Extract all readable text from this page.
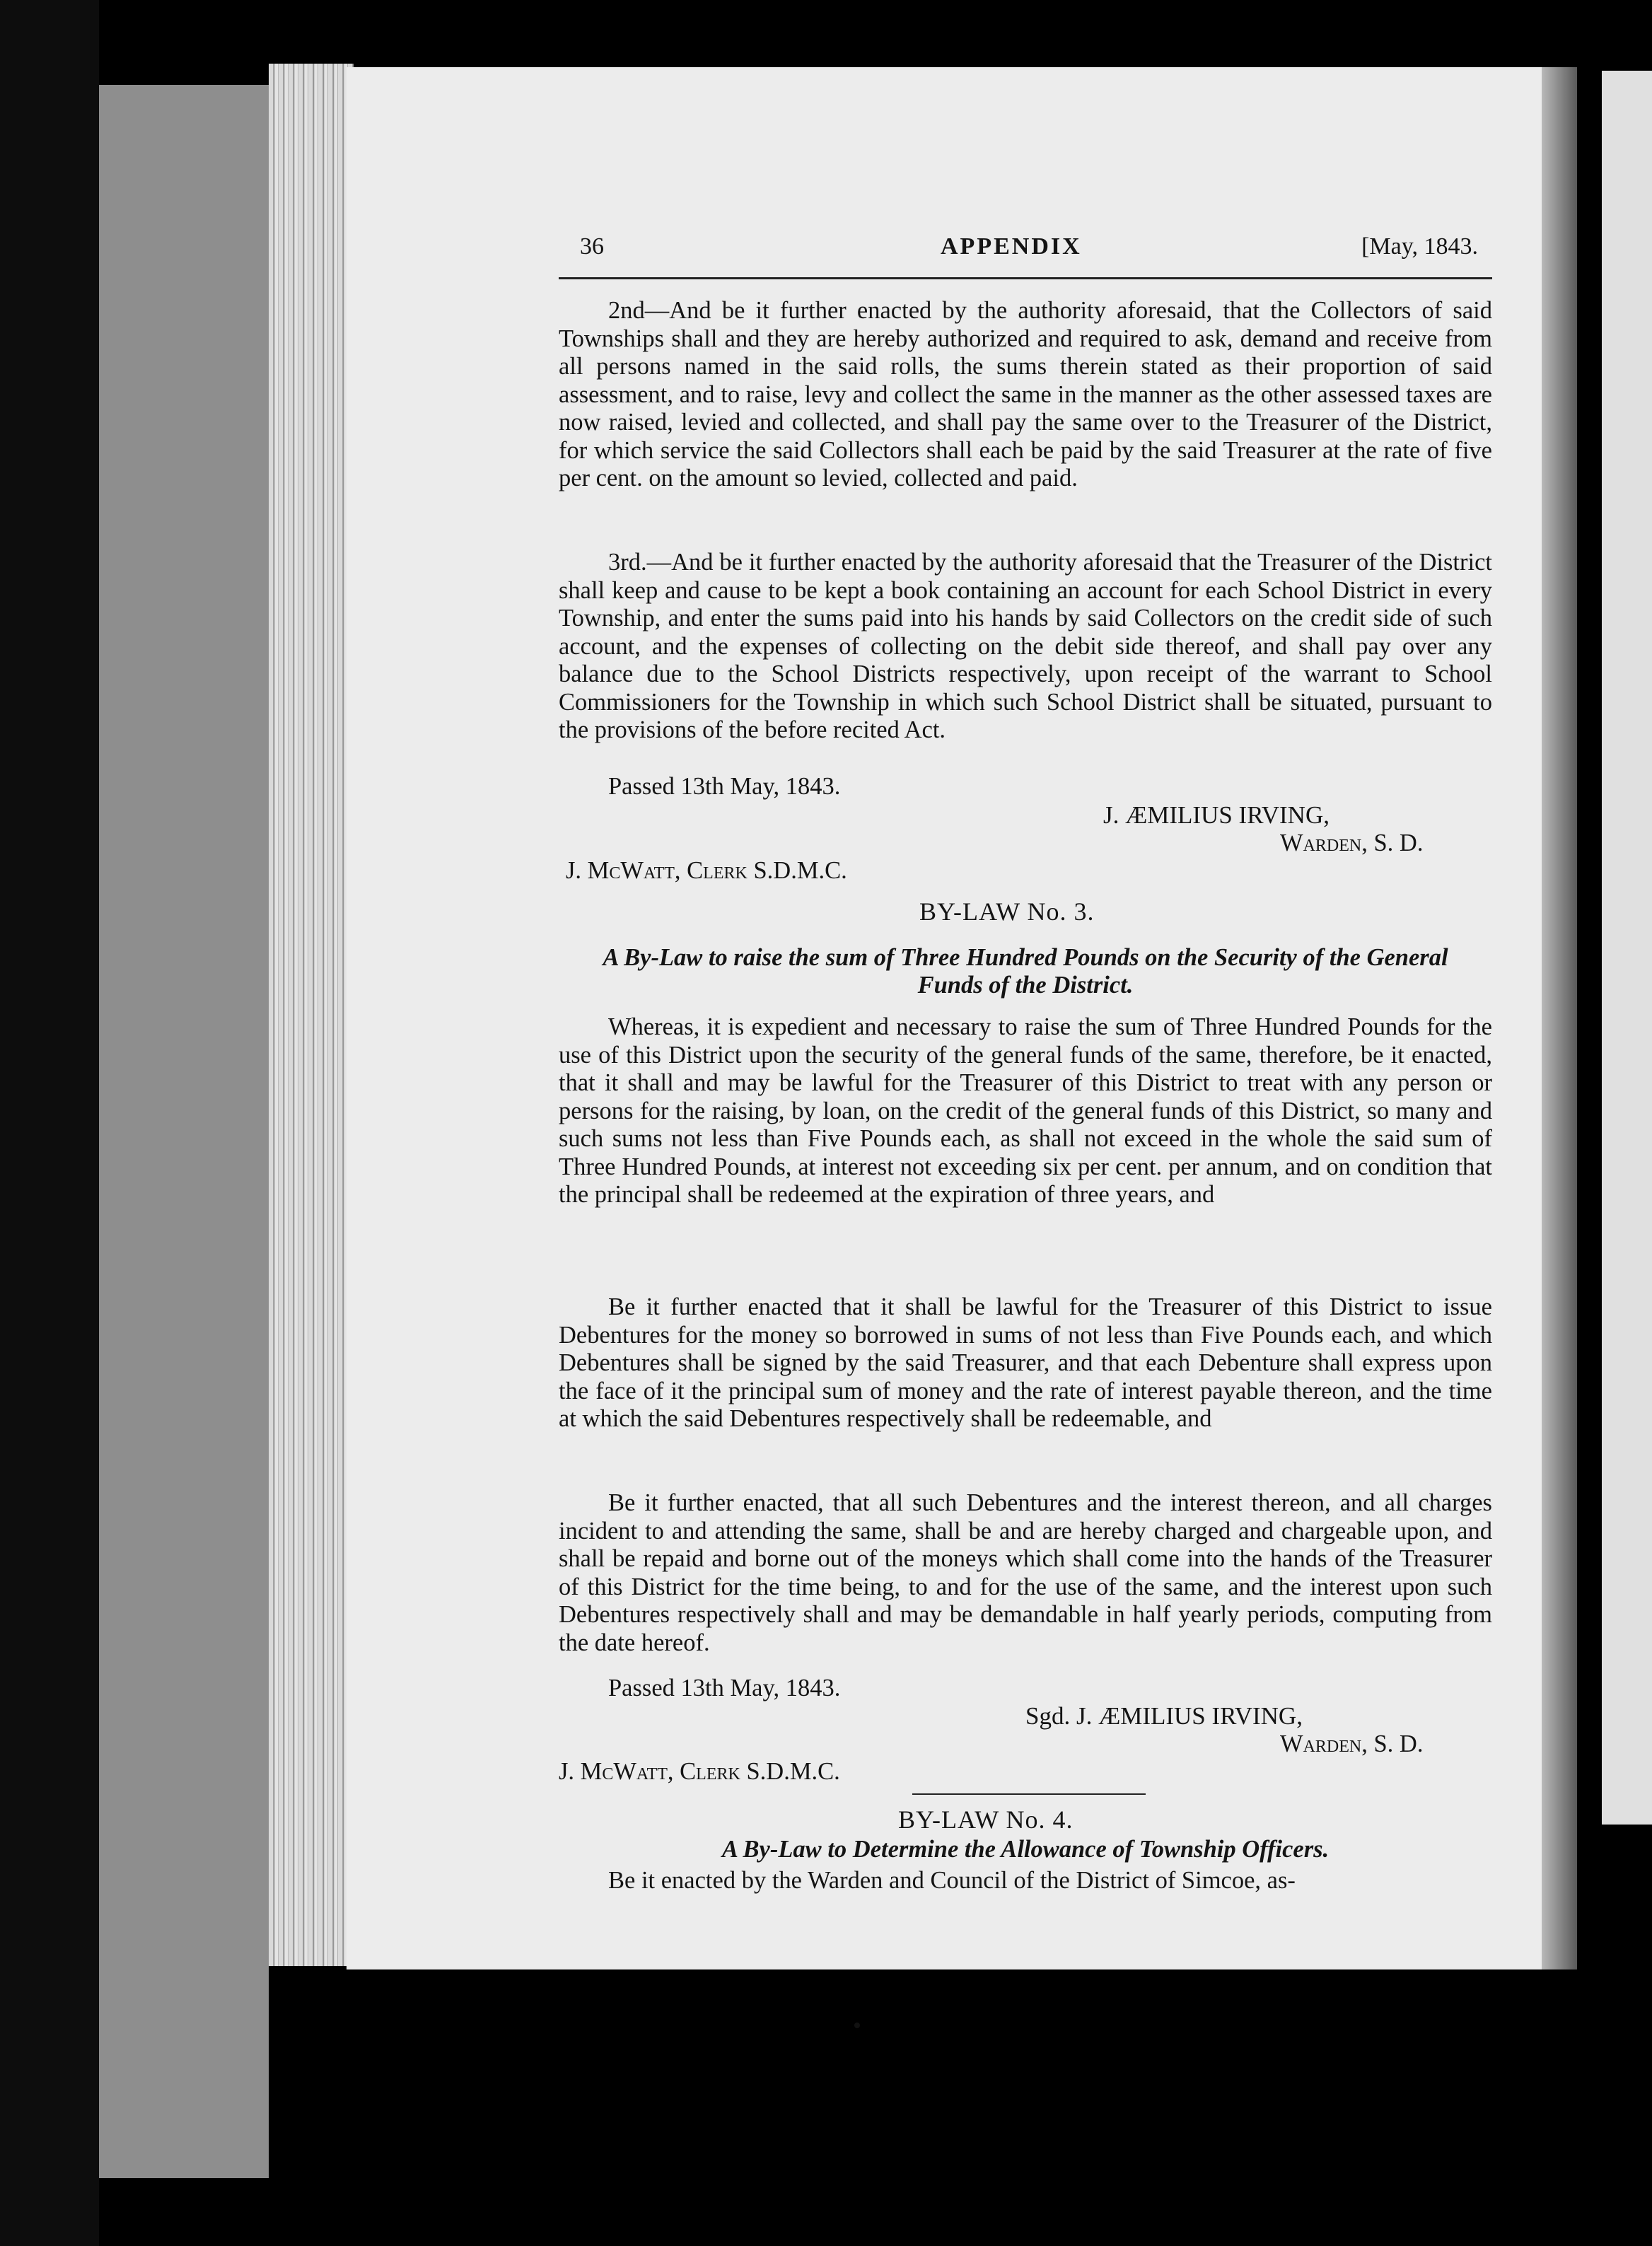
36	APPENDIX	[May, 1843.
2nd—And be it further enacted by the authority aforesaid, that the Collectors of said Townships shall and they are hereby authorized and required to ask, demand and receive from all persons named in the said rolls, the sums therein stated as their proportion of said assessment, and to raise, levy and collect the same in the manner as the other assessed taxes are now raised, levied and collected, and shall pay the same over to the Treasurer of the District, for which service the said Collectors shall each be paid by the said Treasurer at the rate of five per cent. on the amount so levied, collected and paid.
3rd.—And be it further enacted by the authority aforesaid that the Treasurer of the District shall keep and cause to be kept a book containing an account for each School District in every Township, and enter the sums paid into his hands by said Collectors on the credit side of such account, and the expenses of collecting on the debit side thereof, and shall pay over any balance due to the School Districts respectively, upon receipt of the warrant to School Commissioners for the Township in which such School District shall be situated, pursuant to the provisions of the before recited Act.
Passed 13th May, 1843.
J. ÆMILIUS IRVING,
Warden, S. D.
J. McWatt, Clerk S.D.M.C.
BY-LAW No. 3.
A By-Law to raise the sum of Three Hundred Pounds on the Security of the General Funds of the District.
Whereas, it is expedient and necessary to raise the sum of Three Hundred Pounds for the use of this District upon the security of the general funds of the same, therefore, be it enacted, that it shall and may be lawful for the Treasurer of this District to treat with any person or persons for the raising, by loan, on the credit of the general funds of this District, so many and such sums not less than Five Pounds each, as shall not exceed in the whole the said sum of Three Hundred Pounds, at interest not exceeding six per cent. per annum, and on condition that the principal shall be redeemed at the expiration of three years, and
Be it further enacted that it shall be lawful for the Treasurer of this District to issue Debentures for the money so borrowed in sums of not less than Five Pounds each, and which Debentures shall be signed by the said Treasurer, and that each Debenture shall express upon the face of it the principal sum of money and the rate of interest payable thereon, and the time at which the said Debentures respectively shall be redeemable, and
Be it further enacted, that all such Debentures and the interest thereon, and all charges incident to and attending the same, shall be and are hereby charged and chargeable upon, and shall be repaid and borne out of the moneys which shall come into the hands of the Treasurer of this District for the time being, to and for the use of the same, and the interest upon such Debentures respectively shall and may be demandable in half yearly periods, computing from the date hereof.
Passed 13th May, 1843.
Sgd. J. ÆMILIUS IRVING,
Warden, S. D.
J. McWatt, Clerk S.D.M.C.
BY-LAW No. 4.
A By-Law to Determine the Allowance of Township Officers.
Be it enacted by the Warden and Council of the District of Simcoe, as-
